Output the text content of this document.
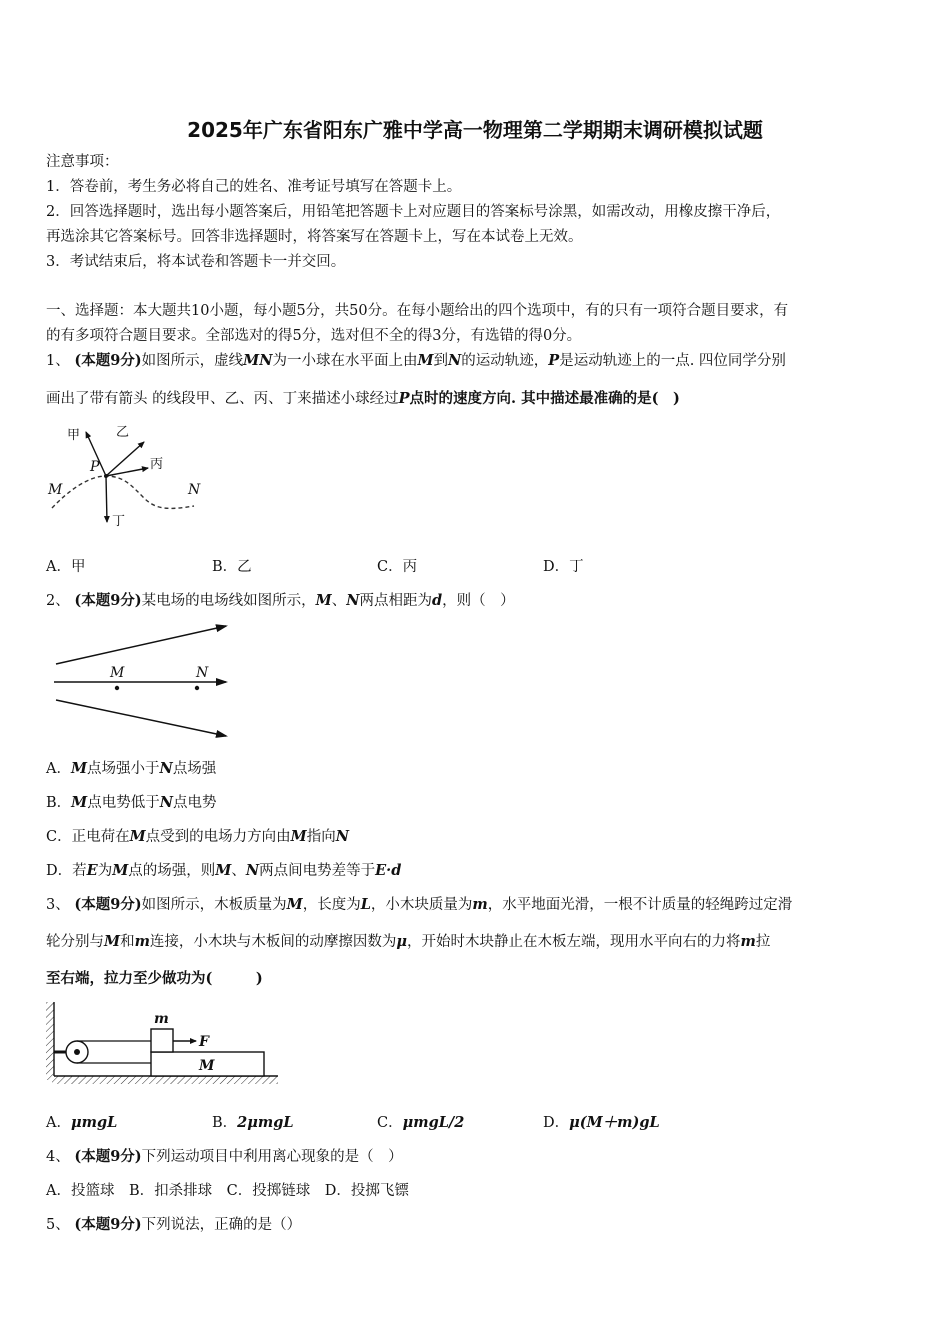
2025年广东省阳东广雅中学高一物理第二学期期末调研模拟试题
注意事项：
1．答卷前，考生务必将自己的姓名、准考证号填写在答题卡上。
2．回答选择题时，选出每小题答案后，用铅笔把答题卡上对应题目的答案标号涂黑，如需改动，用橡皮擦干净后，
再选涂其它答案标号。回答非选择题时，将答案写在答题卡上，写在本试卷上无效。
3．考试结束后，将本试卷和答题卡一并交回。
一、选择题：本大题共10小题，每小题5分，共50分。在每小题给出的四个选项中，有的只有一项符合题目要求，有
的有多项符合题目要求。全部选对的得5分，选对但不全的得3分，有选错的得0分。
1、 (本题9分)如图所示，虚线MN为一小球在水平面上由M到N的运动轨迹，P是运动轨迹上的一点. 四位同学分别
画出了带有箭头 的线段甲、乙、丙、丁来描述小球经过P点时的速度方向. 其中描述最准确的是(　)
甲	乙
丙
丁
P
M	N
A．甲	B．乙	C．丙	D．丁
2、 (本题9分)某电场的电场线如图所示，M、N两点相距为d，则（　）
M	N
A．M点场强小于N点场强
B．M点电势低于N点电势
C．正电荷在M点受到的电场力方向由M指向N
D．若E为M点的场强，则M、N两点间电势差等于E·d
3、 (本题9分)如图所示，木板质量为M，长度为L，小木块质量为m，水平地面光滑，一根不计质量的轻绳跨过定滑
轮分别与M和m连接，小木块与木板间的动摩擦因数为μ，开始时木块静止在木板左端，现用水平向右的力将m拉
至右端，拉力至少做功为(　　　)
m
F
M
A．μmgL	B．2μmgL	C．μmgL/2	D．μ(M＋m)gL
4、 (本题9分)下列运动项目中利用离心现象的是（　）
A．投篮球　B．扣杀排球　C．投掷链球　D．投掷飞镖
5、 (本题9分)下列说法，正确的是（）
